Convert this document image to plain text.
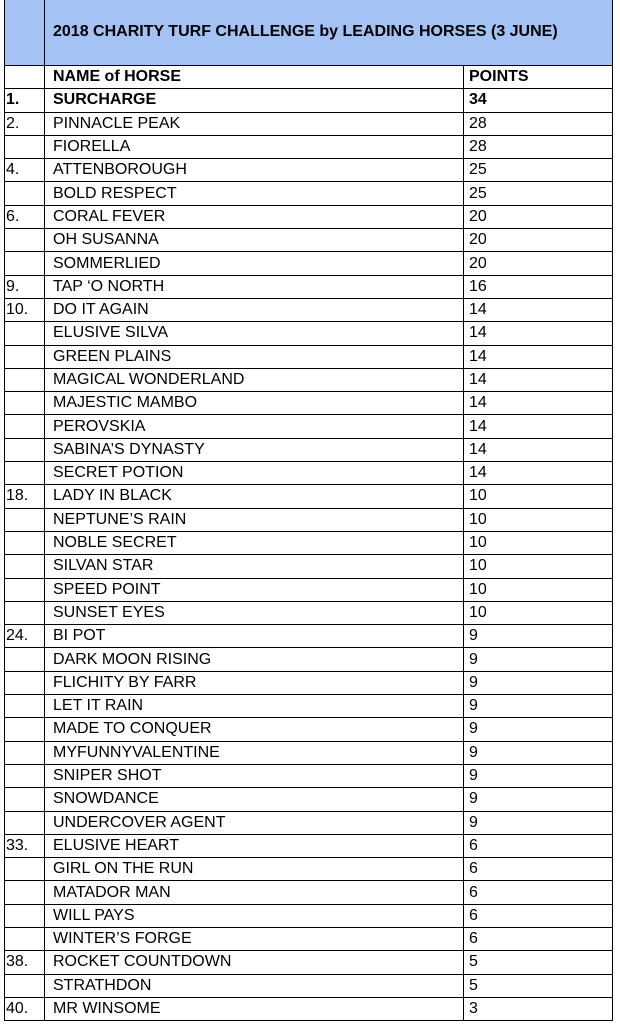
	2018 CHARITY TURF CHALLENGE by LEADING HORSES (3 JUNE)	
	NAME of HORSE	POINTS
1.	SURCHARGE	34
2.	PINNACLE PEAK	28
	FIORELLA	28
4.	ATTENBOROUGH	25
	BOLD RESPECT	25
6.	CORAL FEVER	20
	OH SUSANNA	20
	SOMMERLIED	20
9.	TAP ‘O NORTH	16
10.	DO IT AGAIN	14
	ELUSIVE SILVA	14
	GREEN PLAINS	14
	MAGICAL WONDERLAND	14
	MAJESTIC MAMBO	14
	PEROVSKIA	14
	SABINA’S DYNASTY	14
	SECRET POTION	14
18.	LADY IN BLACK	10
	NEPTUNE’S RAIN	10
	NOBLE SECRET	10
	SILVAN STAR	10
	SPEED POINT	10
	SUNSET EYES	10
24.	BI POT	9
	DARK MOON RISING	9
	FLICHITY BY FARR	9
	LET IT RAIN	9
	MADE TO CONQUER	9
	MYFUNNYVALENTINE	9
	SNIPER SHOT	9
	SNOWDANCE	9
	UNDERCOVER AGENT	9
33.	ELUSIVE HEART	6
	GIRL ON THE RUN	6
	MATADOR MAN	6
	WILL PAYS	6
	WINTER’S FORGE	6
38.	ROCKET COUNTDOWN	5
	STRATHDON	5
40.	MR WINSOME	3
